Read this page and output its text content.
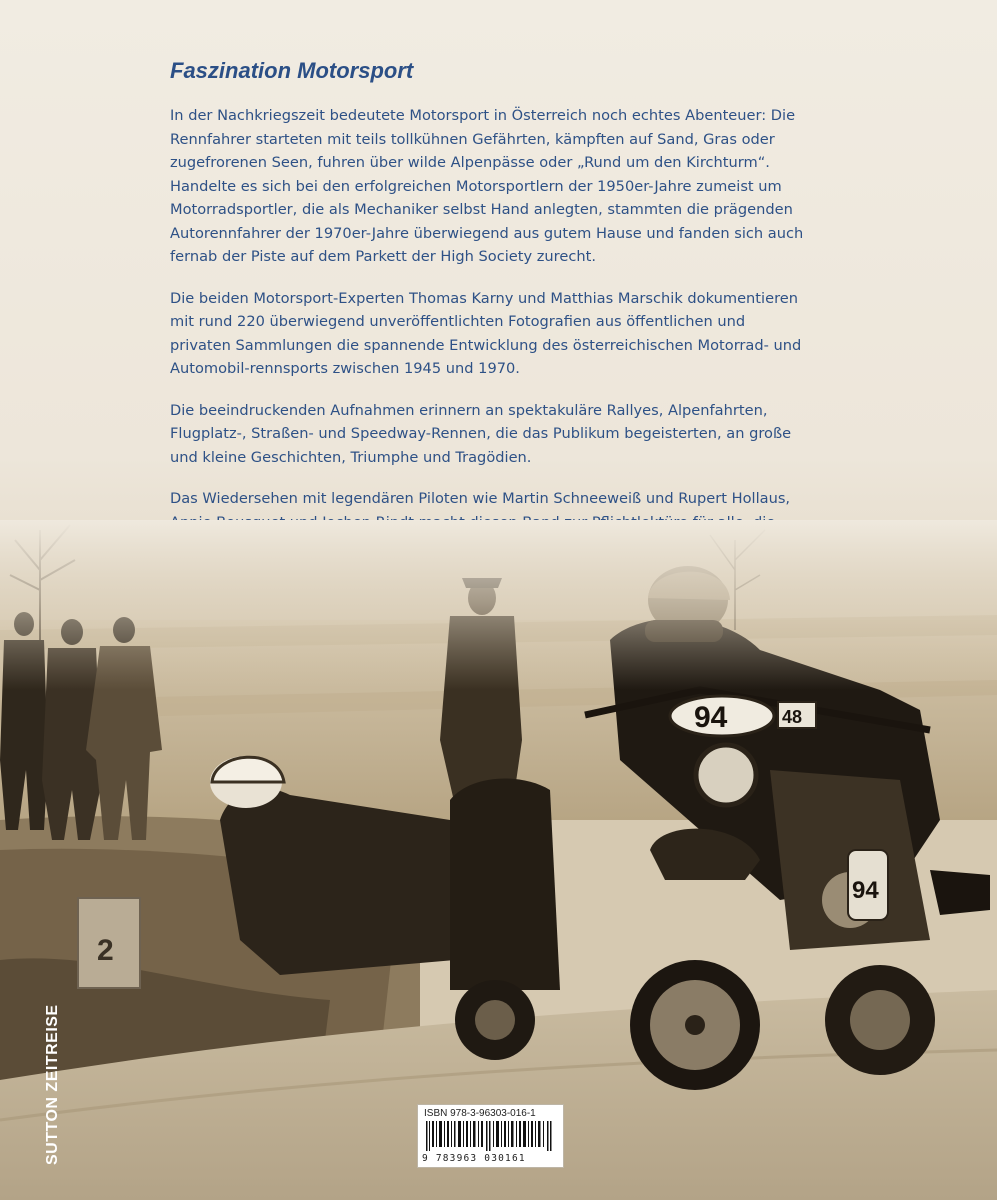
Faszination Motorsport

In der Nachkriegszeit bedeutete Motorsport in Österreich noch echtes Abenteuer: Die Rennfahrer starteten mit teils tollkühnen Gefährten, kämpften auf Sand, Gras oder zugefrorenen Seen, fuhren über wilde Alpenpässe oder „Rund um den Kirchturm“. Handelte es sich bei den erfolgreichen Motorsportlern der 1950er-Jahre zumeist um Motorradsportler, die als Mechaniker selbst Hand anlegten, stammten die prägenden Autorennfahrer der 1970er-Jahre überwiegend aus gutem Hause und fanden sich auch fernab der Piste auf dem Parkett der High Society zurecht.

Die beiden Motorsport-Experten Thomas Karny und Matthias Marschik dokumentieren mit rund 220 überwiegend unveröffentlichten Fotografien aus öffentlichen und privaten Sammlungen die spannende Entwicklung des österreichischen Motorrad- und Automobil-rennsports zwischen 1945 und 1970.

Die beeindruckenden Aufnahmen erinnern an spektakuläre Rallyes, Alpenfahrten, Flugplatz-, Straßen- und Speedway-Rennen, die das Publikum begeisterten, an große und kleine Geschichten, Triumphe und Tragödien.

Das Wiedersehen mit legendären Piloten wie Martin Schneeweiß und Rupert Hollaus,

SUTTON ZEITREISE	ISBN 978-3-96303-016-1
9 783963 030161
